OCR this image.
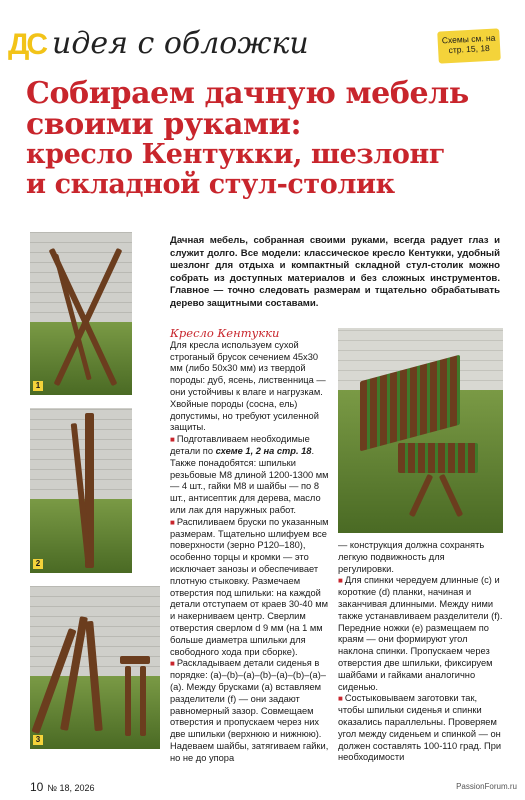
ДС идея с обложки	Схемы см. на стр. 15, 18
Собираем дачную мебель
своими руками:
кресло Кентукки, шезлонг
и складной стул-столик
1
2
3
Дачная мебель, собранная своими руками, всегда радует глаз и служит долго. Все модели: классическое кресло Кентукки, удобный шезлонг для отдыха и компактный складной стул-столик можно собрать из доступных материалов и без сложных инструментов. Главное — точно следовать размерам и тщательно обрабатывать дерево защитными составами.
Кресло Кентукки
Для кресла используем сухой строганый брусок сечением 45х30 мм (либо 50х30 мм) из твердой породы: дуб, ясень, лиственница — они устойчивы к влаге и нагрузкам. Хвойные породы (сосна, ель) допустимы, но требуют усиленной защиты.
■ Подготавливаем необходимые детали по схеме 1, 2 на стр. 18. Также понадобятся: шпильки резьбовые М8 длиной 1200-1300 мм — 4 шт., гайки М8 и шайбы — по 8 шт., антисептик для дерева, масло или лак для наружных работ.
■ Распиливаем бруски по указанным размерам. Тщательно шлифуем все поверхности (зерно Р120–180), особенно торцы и кромки — это исключает занозы и обеспечивает плотную стыковку. Размечаем отверстия под шпильки: на каждой детали отступаем от краев 30-40 мм и накерниваем центр. Сверлим отверстия сверлом d 9 мм (на 1 мм больше диаметра шпильки для свободного хода при сборке).
■ Раскладываем детали сиденья в порядке: (а)–(b)–(а)–(b)–(а)–(b)–(а)–(а). Между брусками (а) вставляем разделители (f) — они задают равномерный зазор. Совмещаем отверстия и пропускаем через них две шпильки (верхнюю и нижнюю). Надеваем шайбы, затягиваем гайки, но не до упора
— конструкция должна сохранять легкую подвижность для регулировки.
■ Для спинки чередуем длинные (с) и короткие (d) планки, начиная и заканчивая длинными. Между ними также устанавливаем разделители (f). Передние ножки (е) размещаем по краям — они формируют угол наклона спинки. Пропускаем через отверстия две шпильки, фиксируем шайбами и гайками аналогично сиденью.
■ Состыковываем заготовки так, чтобы шпильки сиденья и спинки оказались параллельны. Проверяем угол между сиденьем и спинкой — он должен составлять 100-110 град. При необходимости
10 № 18, 2026	PassionForum.ru
